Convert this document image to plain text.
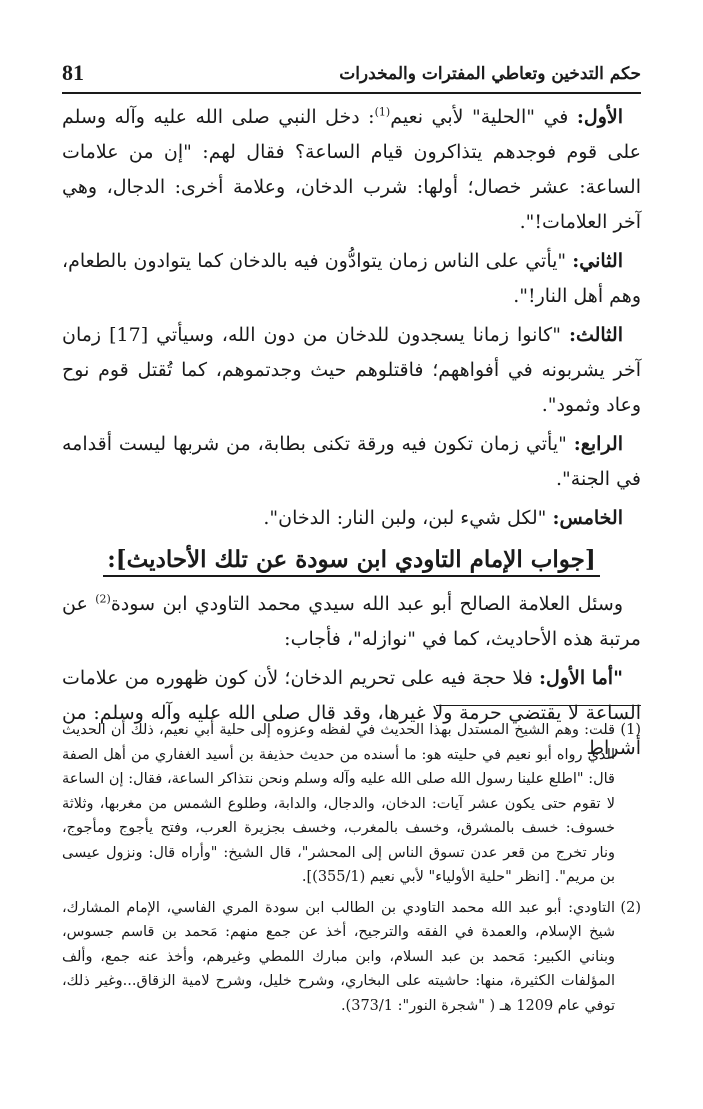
حكم التدخين وتعاطي المفترات والمخدرات
81

الأول: في "الحلية" لأبي نعيم$^{(1)}$: دخل النبي صلى الله عليه وآله وسلم على قوم فوجدهم يتذاكرون قيام الساعة؟ فقال لهم: "إن من علامات الساعة: عشر خصال؛ أولها: شرب الدخان، وعلامة أخرى: الدجال، وهي آخر العلامات!".

الثاني: "يأتي على الناس زمان يتوادُّون فيه بالدخان كما يتوادون بالطعام، وهم أهل النار!".

الثالث: "كانوا زمانا يسجدون للدخان من دون الله، وسيأتي [17] زمان آخر يشربونه في أفواههم؛ فاقتلوهم حيث وجدتموهم، كما تُقتل قوم نوح وعاد وثمود".

الرابع: "يأتي زمان تكون فيه ورقة تكنى بطابة، من شربها ليست أقدامه في الجنة".

الخامس: "لكل شيء لبن، ولبن النار: الدخان".

[جواب الإمام التاودي ابن سودة عن تلك الأحاديث]:

وسئل العلامة الصالح أبو عبد الله سيدي محمد التاودي ابن سودة$^{(2)}$ عن مرتبة هذه الأحاديث، كما في "نوازله"، فأجاب:

"أما الأول: فلا حجة فيه على تحريم الدخان؛ لأن كون ظهوره من علامات الساعة لا يقتضي حرمة ولا غيرها، وقد قال صلى الله عليه وآله وسلم: من أشراط

(1)
قلت: وهم الشيخ المستدل بهذا الحديث في لفظه وعزوه إلى حلية أبي نعيم، ذلك أن الحديث الذي رواه أبو نعيم في حليته هو: ما أسنده من حديث حذيفة بن أسيد الغفاري من أهل الصفة قال: "اطلع علينا رسول الله صلى الله عليه وآله وسلم ونحن نتذاكر الساعة، فقال: إن الساعة لا تقوم حتى يكون عشر آيات: الدخان، والدجال، والدابة، وطلوع الشمس من مغربها، وثلاثة خسوف: خسف بالمشرق، وخسف بالمغرب، وخسف بجزيرة العرب، وفتح يأجوج ومأجوج، ونار تخرج من قعر عدن تسوق الناس إلى المحشر"، قال الشيخ: "وأراه قال: ونزول عيسى بن مريم". [انظر "حلية الأولياء" لأبي نعيم (355/1)].
(2)
التاودي: أبو عبد الله محمد التاودي بن الطالب ابن سودة المري الفاسي، الإمام المشارك، شيخ الإسلام، والعمدة في الفقه والترجيح، أخذ عن جمع منهم: مَحمد بن قاسم جسوس، وبناني الكبير: مَحمد بن عبد السلام، وابن مبارك اللمطي وغيرهم، وأخذ عنه جمع، وألف المؤلفات الكثيرة، منها: حاشيته على البخاري، وشرح خليل، وشرح لامية الزقاق...وغير ذلك، توفي عام 1209 هـ ( "شجرة النور": 373/1).
